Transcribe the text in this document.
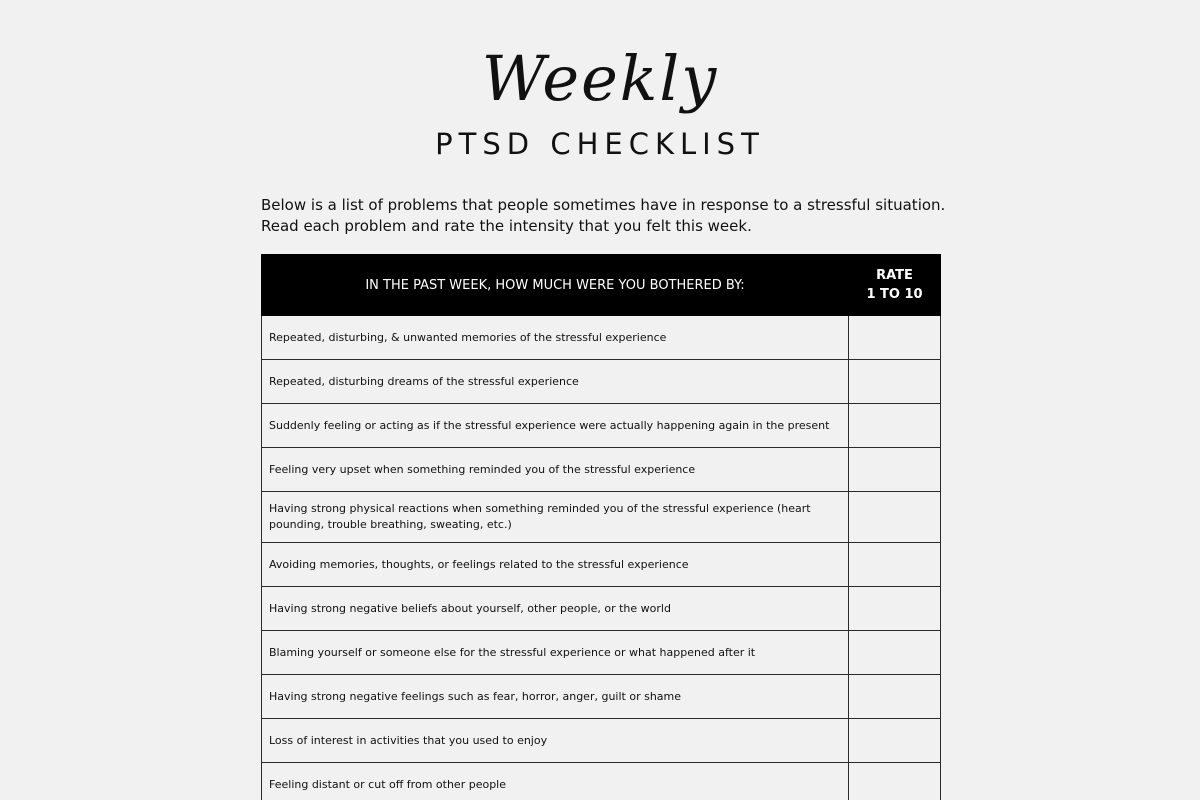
Weekly
PTSD CHECKLIST
Below is a list of problems that people sometimes have in response to a stressful situation.
Read each problem and rate the intensity that you felt this week.
IN THE PAST WEEK, HOW MUCH WERE YOU BOTHERED BY:	RATE
1 TO 10

Repeated, disturbing, & unwanted memories of the stressful experience	
Repeated, disturbing dreams of the stressful experience	
Suddenly feeling or acting as if the stressful experience were actually happening again in the present	
Feeling very upset when something reminded you of the stressful experience	
Having strong physical reactions when something reminded you of the stressful experience (heart pounding, trouble breathing, sweating, etc.)	
Avoiding memories, thoughts, or feelings related to the stressful experience	
Having strong negative beliefs about yourself, other people, or the world	
Blaming yourself or someone else for the stressful experience or what happened after it	
Having strong negative feelings such as fear, horror, anger, guilt or shame	
Loss of interest in activities that you used to enjoy	
Feeling distant or cut off from other people	
